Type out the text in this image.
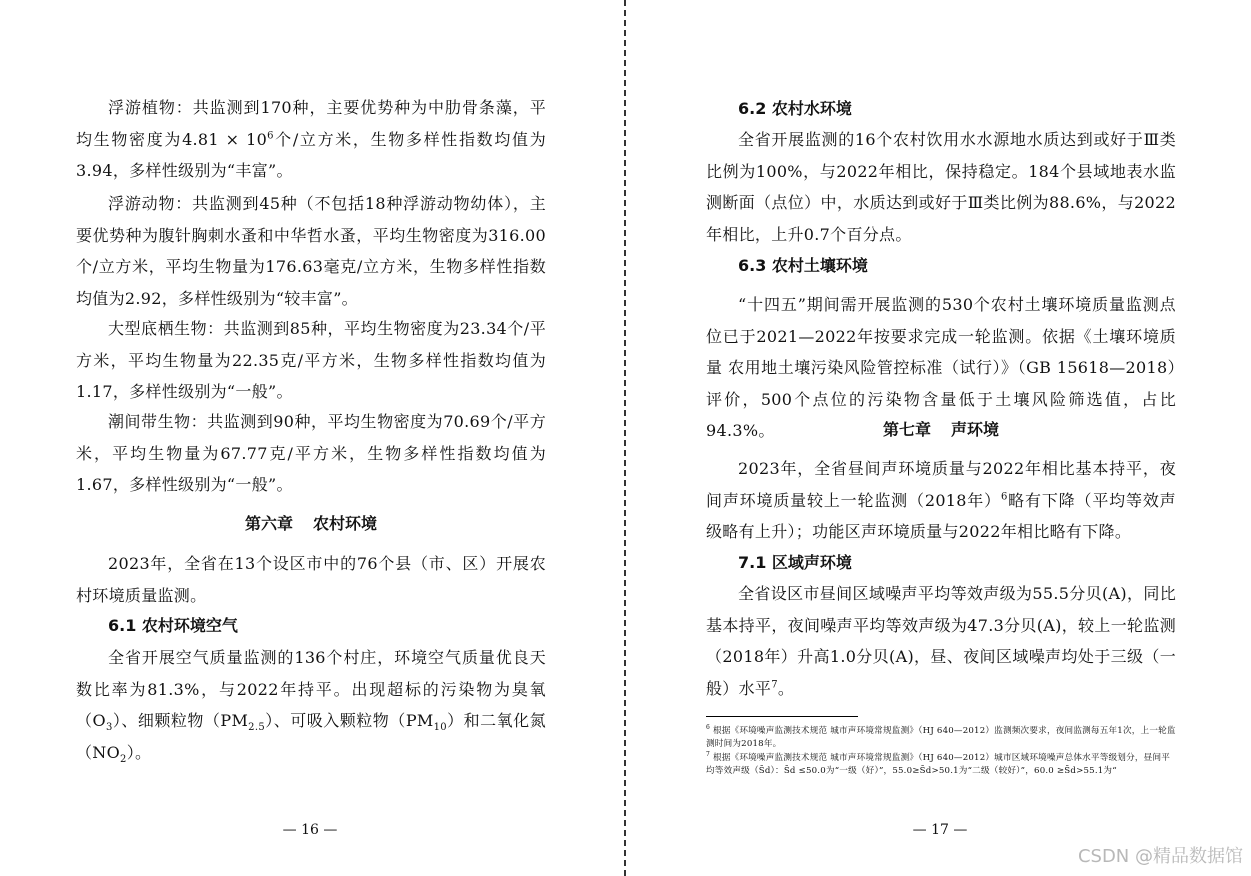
浮游植物：共监测到170种，主要优势种为中肋骨条藻，平均生物密度为$4.81 \times 10^6$个/立方米，生物多样性指数均值为3.94，多样性级别为“丰富”。

浮游动物：共监测到45种（不包括18种浮游动物幼体），主要优势种为腹针胸刺水蚤和中华哲水蚤，平均生物密度为316.00个/立方米，平均生物量为176.63毫克/立方米，生物多样性指数均值为2.92，多样性级别为“较丰富”。

大型底栖生物：共监测到85种，平均生物密度为23.34个/平方米，平均生物量为22.35克/平方米，生物多样性指数均值为1.17，多样性级别为“一般”。

潮间带生物：共监测到90种，平均生物密度为70.69个/平方米，平均生物量为67.77克/平方米，生物多样性指数均值为1.67，多样性级别为“一般”。

第六章 农村环境

2023年，全省在13个设区市中的76个县（市、区）开展农村环境质量监测。

6.1 农村环境空气

全省开展空气质量监测的136个村庄，环境空气质量优良天数比率为81.3%，与2022年持平。出现超标的污染物为臭氧$(O_3)$、细颗粒物$(PM_{2.5})$、可吸入颗粒物$(PM_{10})$和二氧化氮$(NO_2)$。

— 16 —
6.2 农村水环境

全省开展监测的16个农村饮用水水源地水质达到或好于Ⅲ类比例为100%，与2022年相比，保持稳定。184个县域地表水监测断面（点位）中，水质达到或好于Ⅲ类比例为88.6%，与2022年相比，上升0.7个百分点。

6.3 农村土壤环境

“十四五”期间需开展监测的530个农村土壤环境质量监测点位已于2021—2022年按要求完成一轮监测。依据《土壤环境质量 农用地土壤污染风险管控标准（试行）》（GB 15618—2018）评价，500个点位的污染物含量低于土壤风险筛选值，占比94.3%。	第七章 声环境

2023年，全省昼间声环境质量与2022年相比基本持平，夜间声环境质量较上一轮监测（2018年）$^6$略有下降（平均等效声级略有上升）；功能区声环境质量与2022年相比略有下降。

7.1 区域声环境

全省设区市昼间区域噪声平均等效声级为55.5分贝(A)，同比基本持平，夜间噪声平均等效声级为47.3分贝(A)，较上一轮监测（2018年）升高1.0分贝(A)，昼、夜间区域噪声均处于三级（一般）水平$^7$。

$^6$ 根据《环境噪声监测技术规范 城市声环境常规监测》（HJ 640—2012）监测频次要求，夜间监测每五年1次，上一轮监测时间为2018年。

$^7$ 根据《环境噪声监测技术规范 城市声环境常规监测》（HJ 640—2012）城市区域环境噪声总体水平等级划分，昼间平均等效声级（S̄d）：S̄d ≤50.0为“一级（好）”，55.0≥S̄d>50.1为“二级（较好）”，60.0 ≥S̄d>55.1为“

— 17 —
CSDN @精品数据馆
